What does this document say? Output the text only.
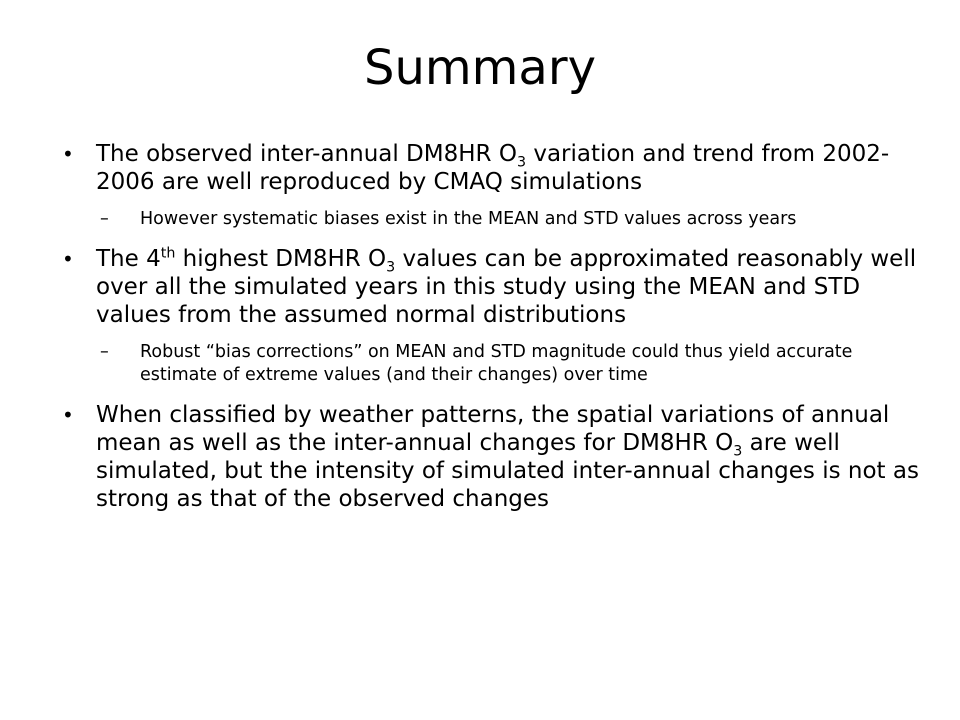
Summary
• The observed inter-annual DM8HR $O_3$ variation and trend from 2002-2006 are well reproduced by CMAQ simulations
– However systematic biases exist in the MEAN and STD values across years
• The 4th highest DM8HR $O_3$ values can be approximated reasonably well over all the simulated years in this study using the MEAN and STD values from the assumed normal distributions
– Robust “bias corrections” on MEAN and STD magnitude could thus yield accurate estimate of extreme values (and their changes) over time
• When classified by weather patterns, the spatial variations of annual mean as well as the inter-annual changes for DM8HR $O_3$ are well simulated, but the intensity of simulated inter-annual changes is not as strong as that of the observed changes
